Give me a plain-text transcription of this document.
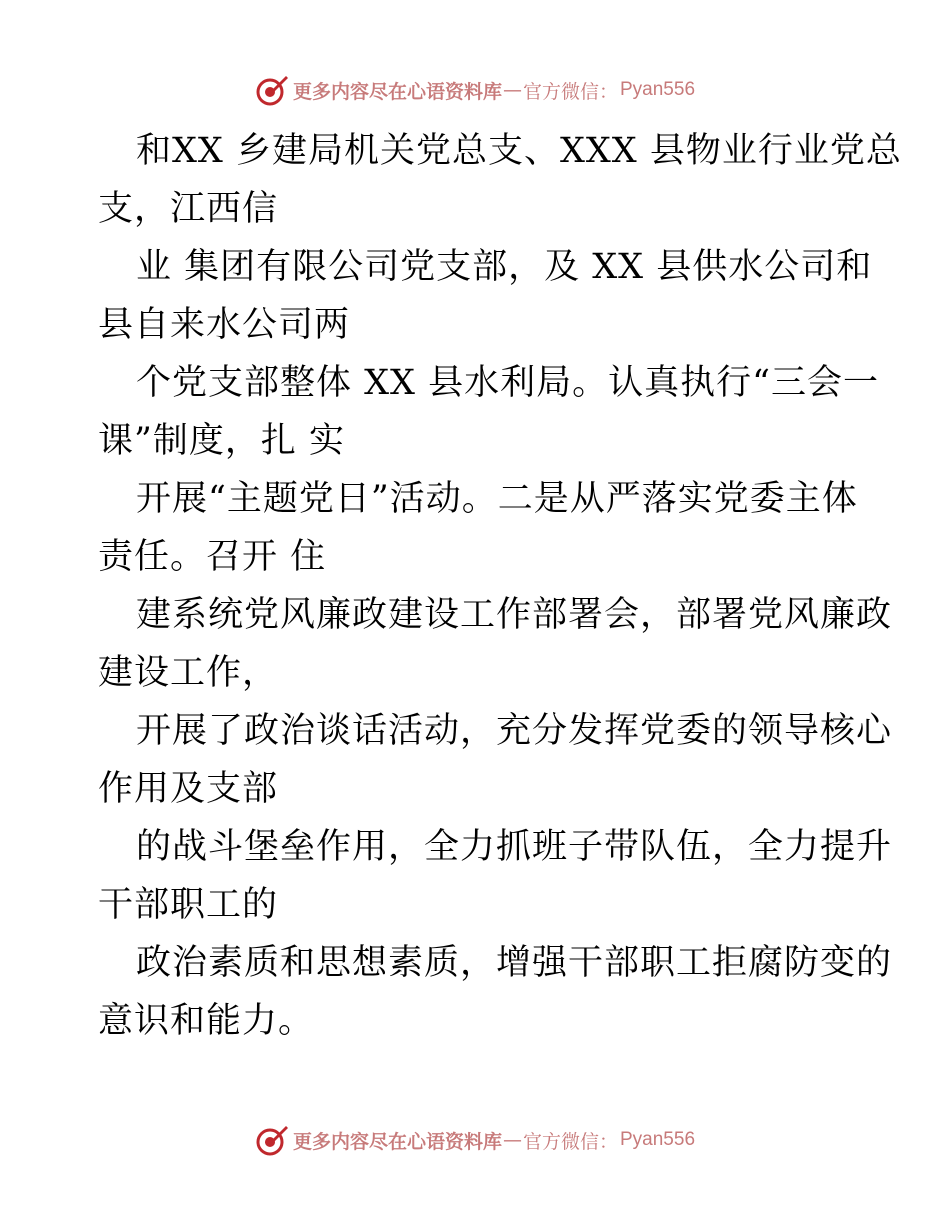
更多内容尽在心语资料库 — 官方微信： Pyan556
和XX 乡建局机关党总支、XXX 县物业行业党总
支，江西信
业 集团有限公司党支部，及 XX 县供水公司和
县自来水公司两
个党支部整体 XX 县水利局。认真执行“三会一
课”制度，扎 实
开展“主题党日”活动。二是从严落实党委主体
责任。召开 住
建系统党风廉政建设工作部署会，部署党风廉政
建设工作，
开展了政治谈话活动，充分发挥党委的领导核心
作用及支部
的战斗堡垒作用，全力抓班子带队伍，全力提升
干部职工的
政治素质和思想素质，增强干部职工拒腐防变的
意识和能力。
更多内容尽在心语资料库 — 官方微信： Pyan556
